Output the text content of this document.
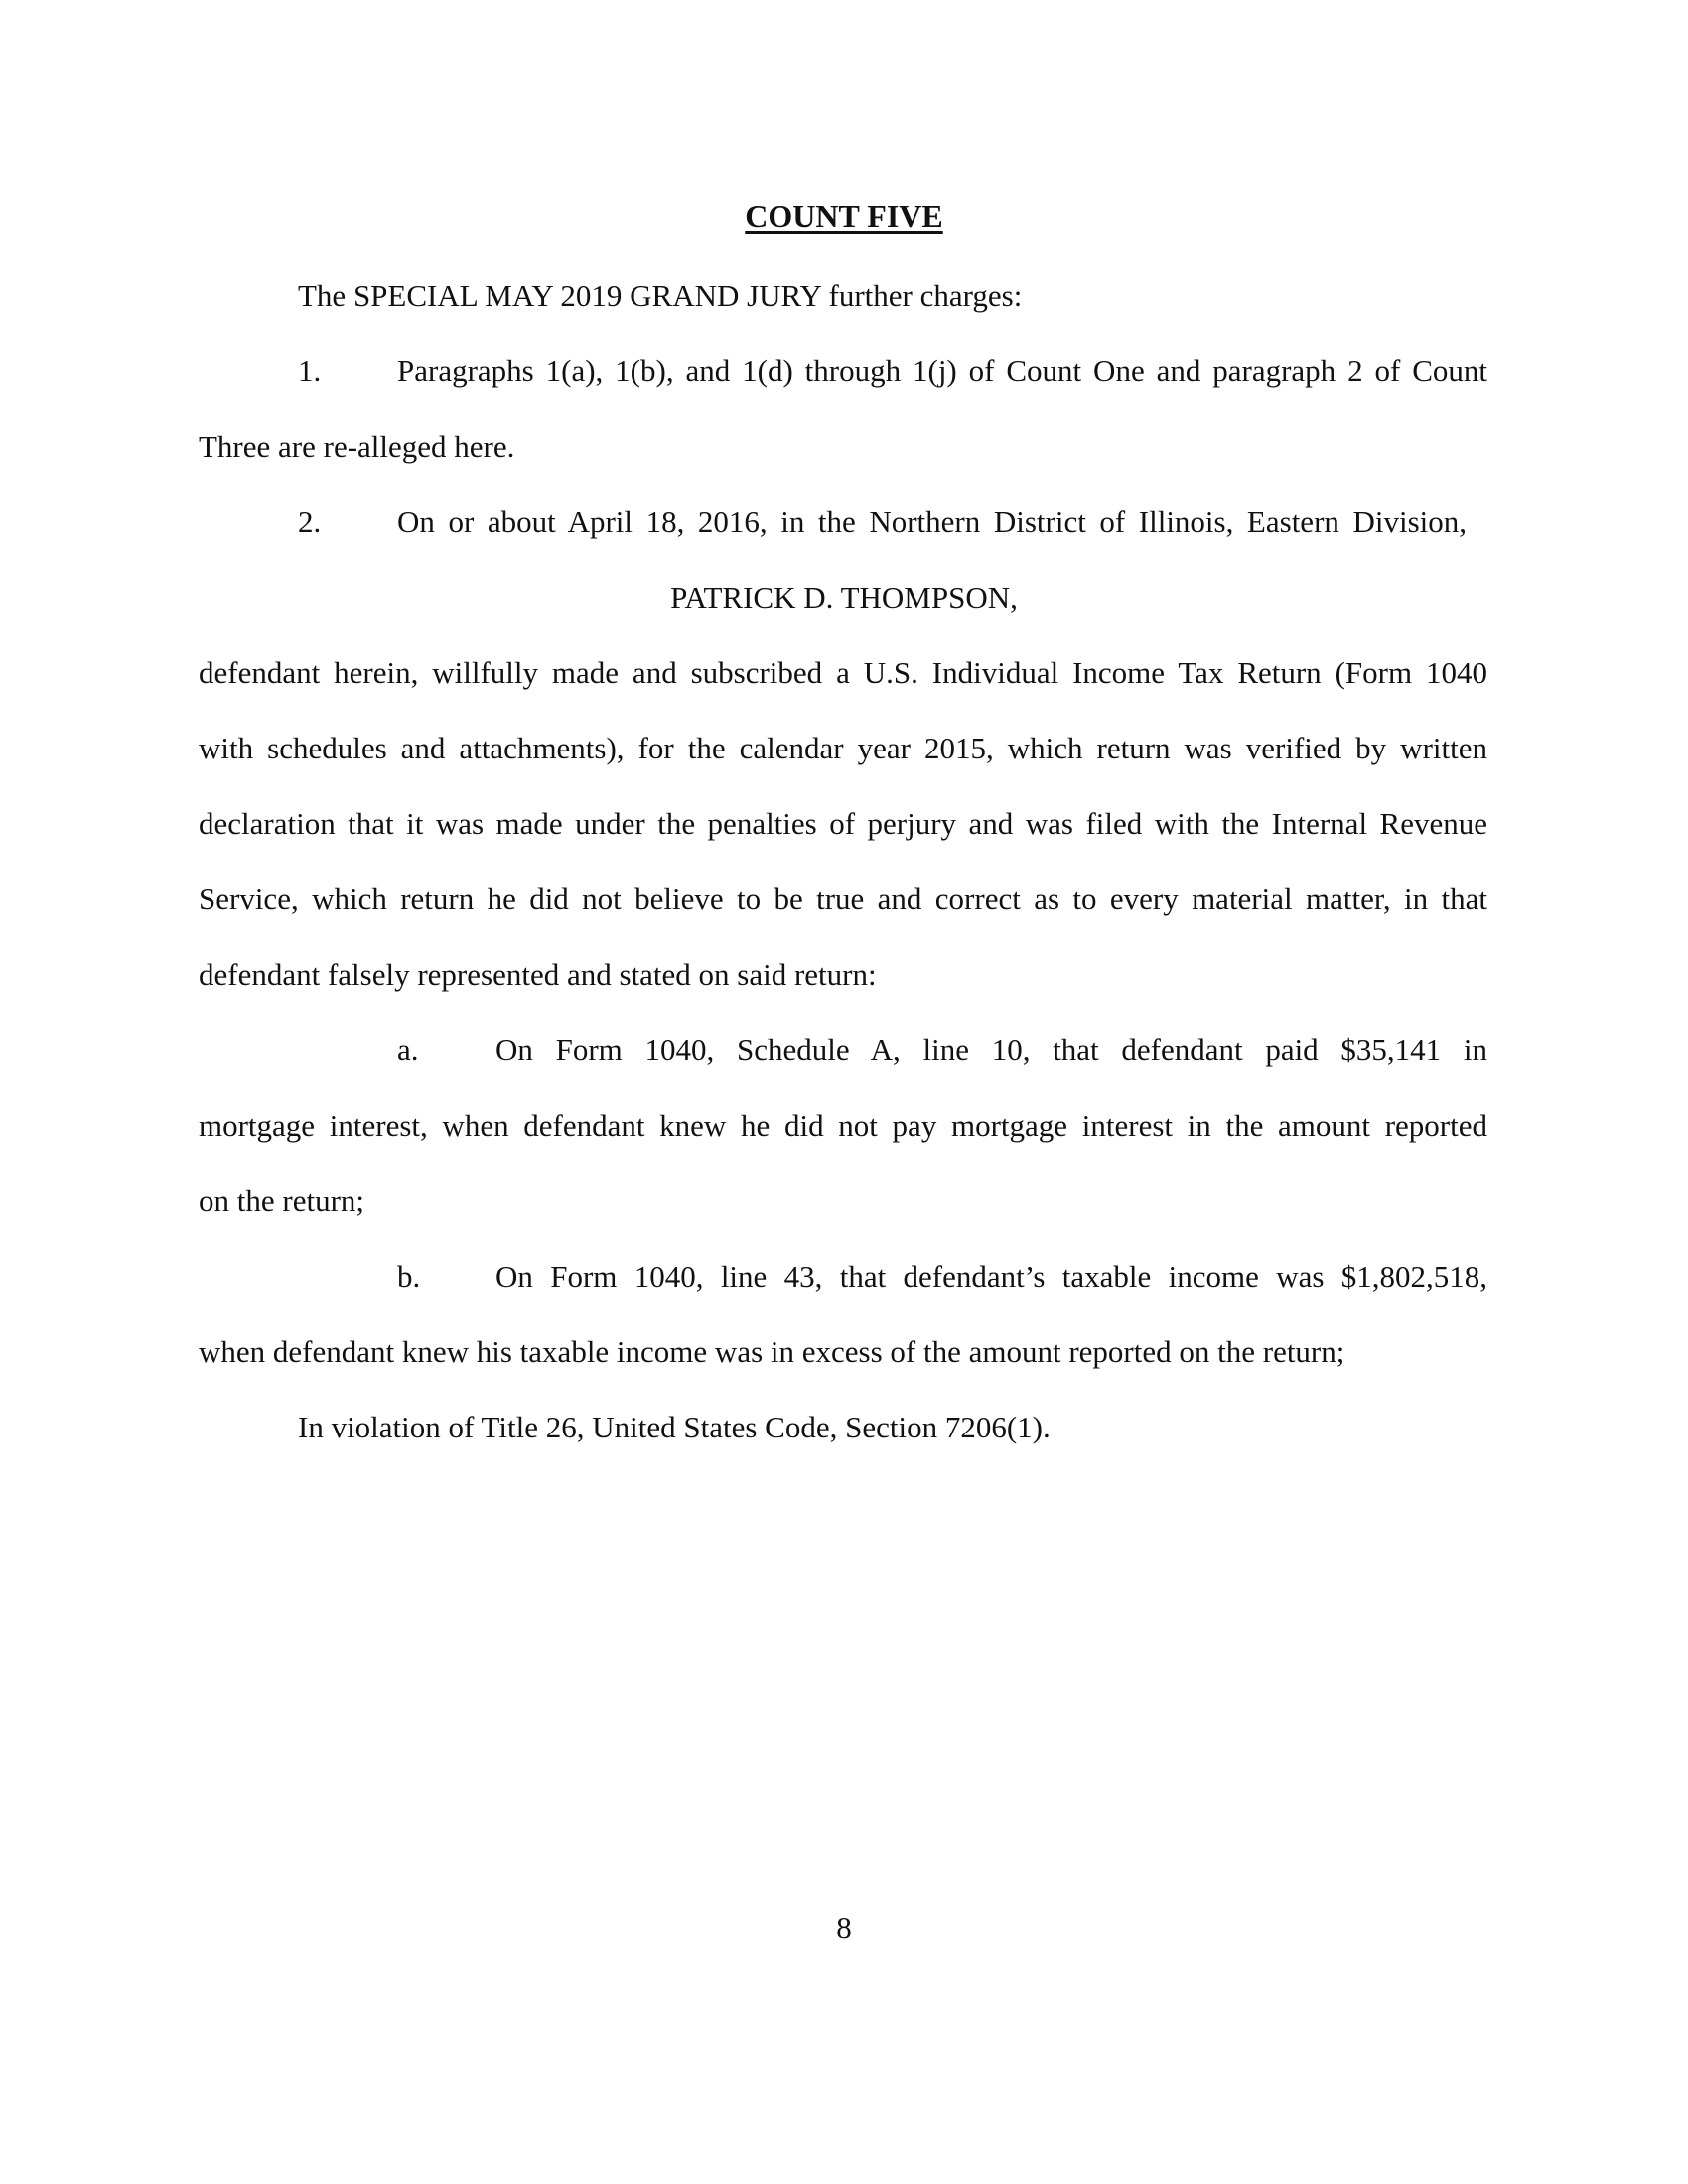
COUNT FIVE
The SPECIAL MAY 2019 GRAND JURY further charges:
1. Paragraphs 1(a), 1(b), and 1(d) through 1(j) of Count One and paragraph 2 of Count
Three are re-alleged here.
2. On or about April 18, 2016, in the Northern District of Illinois, Eastern Division,
PATRICK D. THOMPSON,
defendant herein, willfully made and subscribed a U.S. Individual Income Tax Return (Form 1040
with schedules and attachments), for the calendar year 2015, which return was verified by written
declaration that it was made under the penalties of perjury and was filed with the Internal Revenue
Service, which return he did not believe to be true and correct as to every material matter, in that
defendant falsely represented and stated on said return:
a. On Form 1040, Schedule A, line 10, that defendant paid $35,141 in
mortgage interest, when defendant knew he did not pay mortgage interest in the amount reported
on the return;
b. On Form 1040, line 43, that defendant’s taxable income was $1,802,518,
when defendant knew his taxable income was in excess of the amount reported on the return;
In violation of Title 26, United States Code, Section 7206(1).
8
